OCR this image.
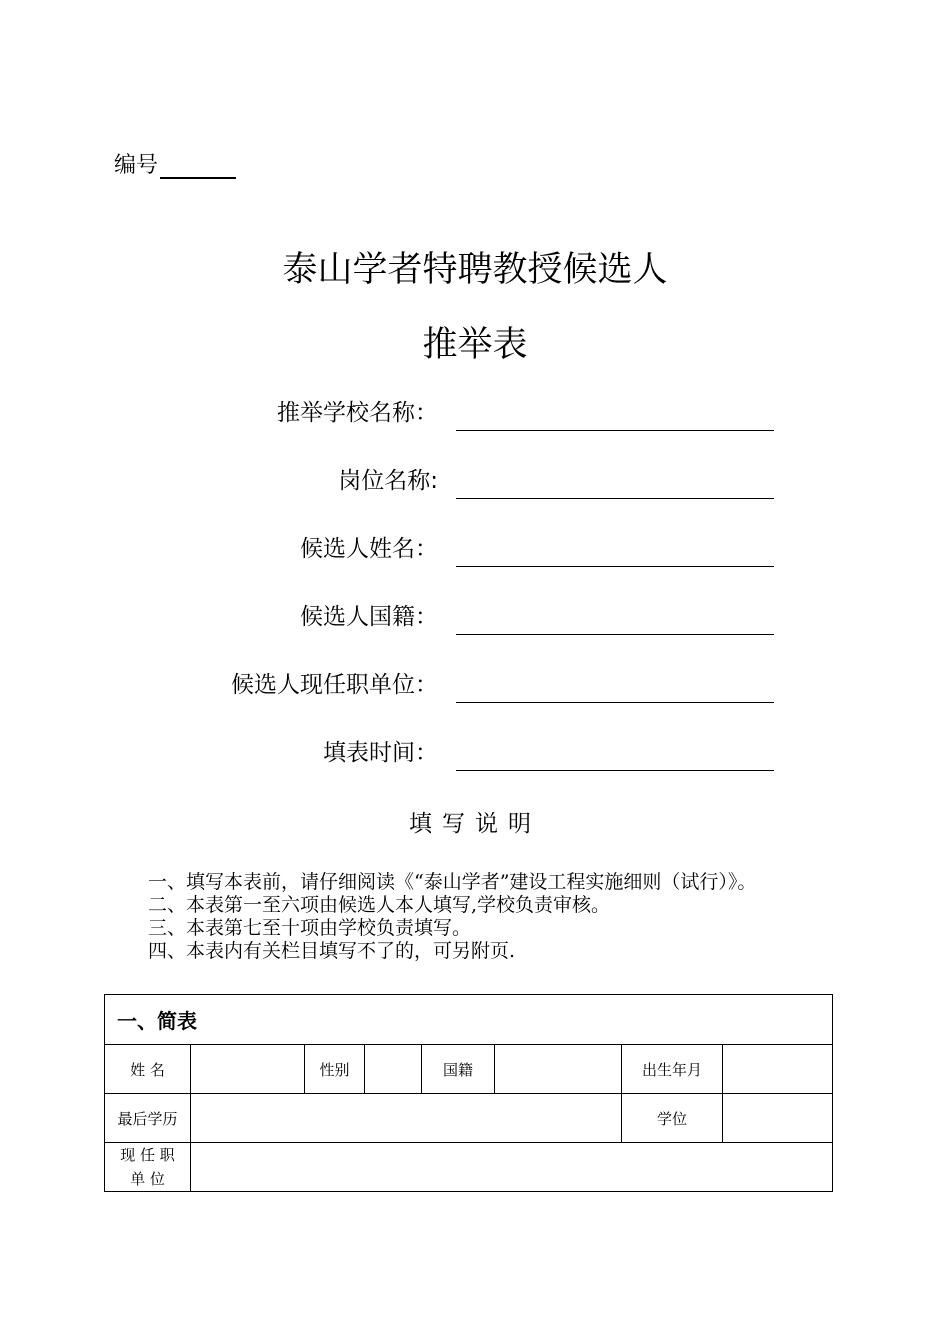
编号
泰山学者特聘教授候选人
推举表
推举学校名称：
岗位名称:
候选人姓名：
候选人国籍：
候选人现任职单位：
填表时间：
填写说明

一、填写本表前，请仔细阅读《“泰山学者”建设工程实施细则（试行）》。

二、本表第一至六项由候选人本人填写,学校负责审核。

三、本表第七至十项由学校负责填写。

四、本表内有关栏目填写不了的，可另附页.

一、简表							
姓 名		性别		国籍		出生年月	
最后学历						学位	

现 任 职
单 位							
